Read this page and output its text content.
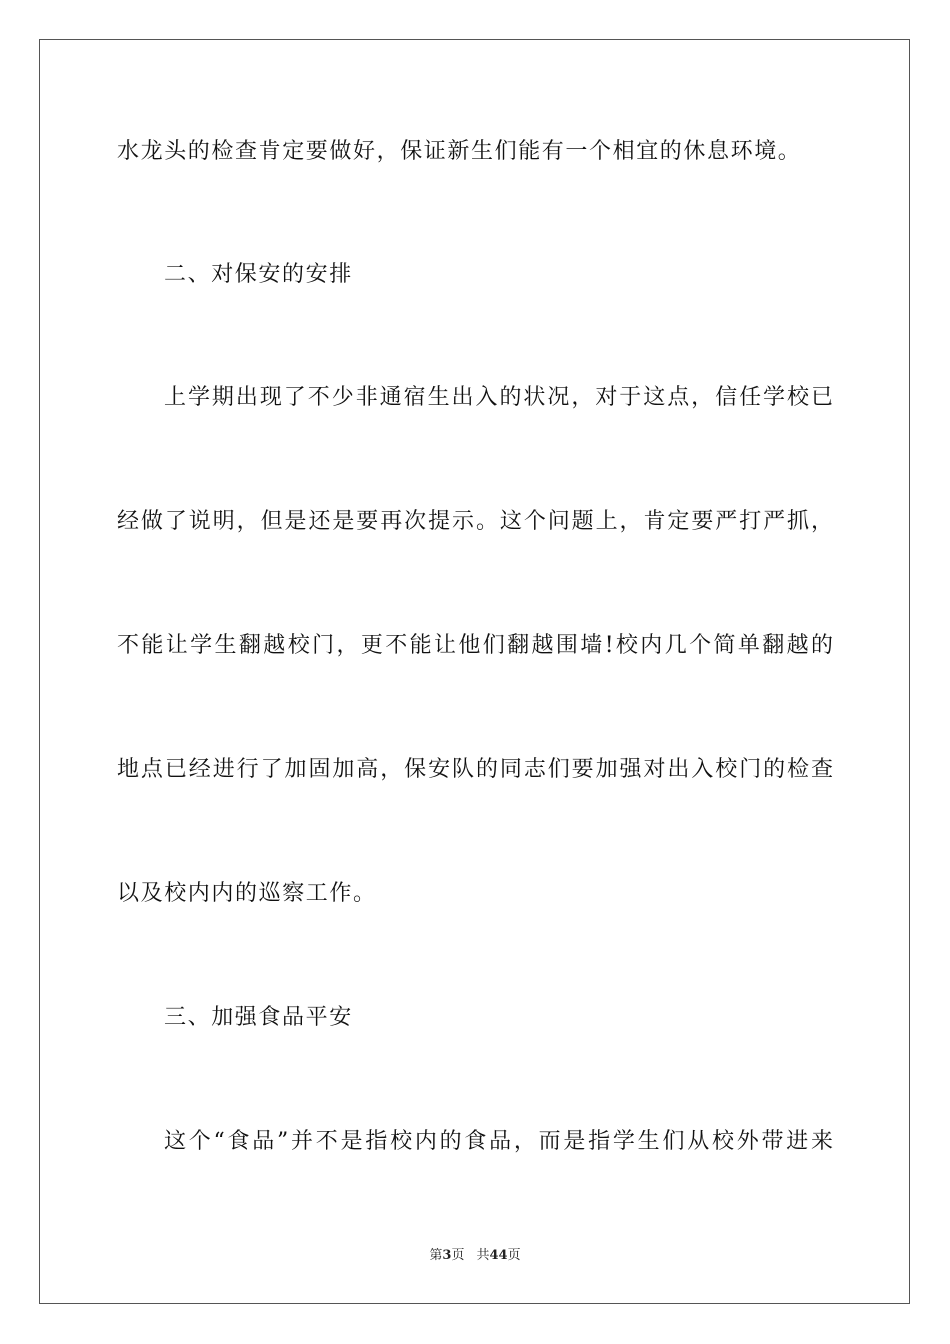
水龙头的检查肯定要做好，保证新生们能有一个相宜的休息环境。
二、对保安的安排
上学期出现了不少非通宿生出入的状况，对于这点，信任学校已
经做了说明，但是还是要再次提示。这个问题上，肯定要严打严抓，
不能让学生翻越校门，更不能让他们翻越围墙!校内几个简单翻越的
地点已经进行了加固加高，保安队的同志们要加强对出入校门的检查
以及校内内的巡察工作。
三、加强食品平安
这个“食品”并不是指校内的食品，而是指学生们从校外带进来
第3页 共44页
